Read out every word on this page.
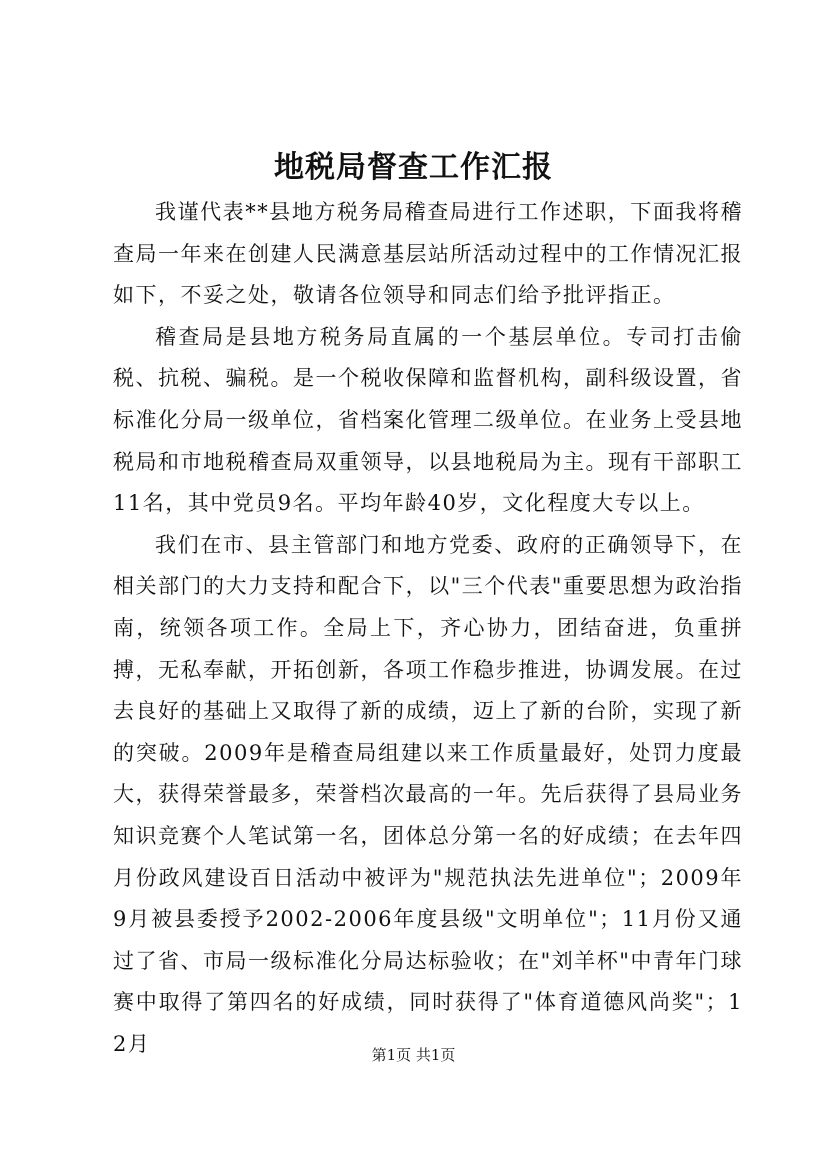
地税局督查工作汇报

我谨代表**县地方税务局稽查局进行工作述职，下面我将稽查局一年来在创建人民满意基层站所活动过程中的工作情况汇报如下，不妥之处，敬请各位领导和同志们给予批评指正。

稽查局是县地方税务局直属的一个基层单位。专司打击偷税、抗税、骗税。是一个税收保障和监督机构，副科级设置，省标准化分局一级单位，省档案化管理二级单位。在业务上受县地税局和市地税稽查局双重领导，以县地税局为主。现有干部职工11名，其中党员9名。平均年龄40岁，文化程度大专以上。

我们在市、县主管部门和地方党委、政府的正确领导下，在相关部门的大力支持和配合下，以"三个代表"重要思想为政治指南，统领各项工作。全局上下，齐心协力，团结奋进，负重拼搏，无私奉献，开拓创新，各项工作稳步推进，协调发展。在过去良好的基础上又取得了新的成绩，迈上了新的台阶，实现了新的突破。2009年是稽查局组建以来工作质量最好，处罚力度最大，获得荣誉最多，荣誉档次最高的一年。先后获得了县局业务知识竞赛个人笔试第一名，团体总分第一名的好成绩；在去年四月份政风建设百日活动中被评为"规范执法先进单位"；2009年9月被县委授予2002-2006年度县级"文明单位"；11月份又通过了省、市局一级标准化分局达标验收；在"刘羊杯"中青年门球赛中取得了第四名的好成绩，同时获得了"体育道德风尚奖"；12月	第1页 共1页
